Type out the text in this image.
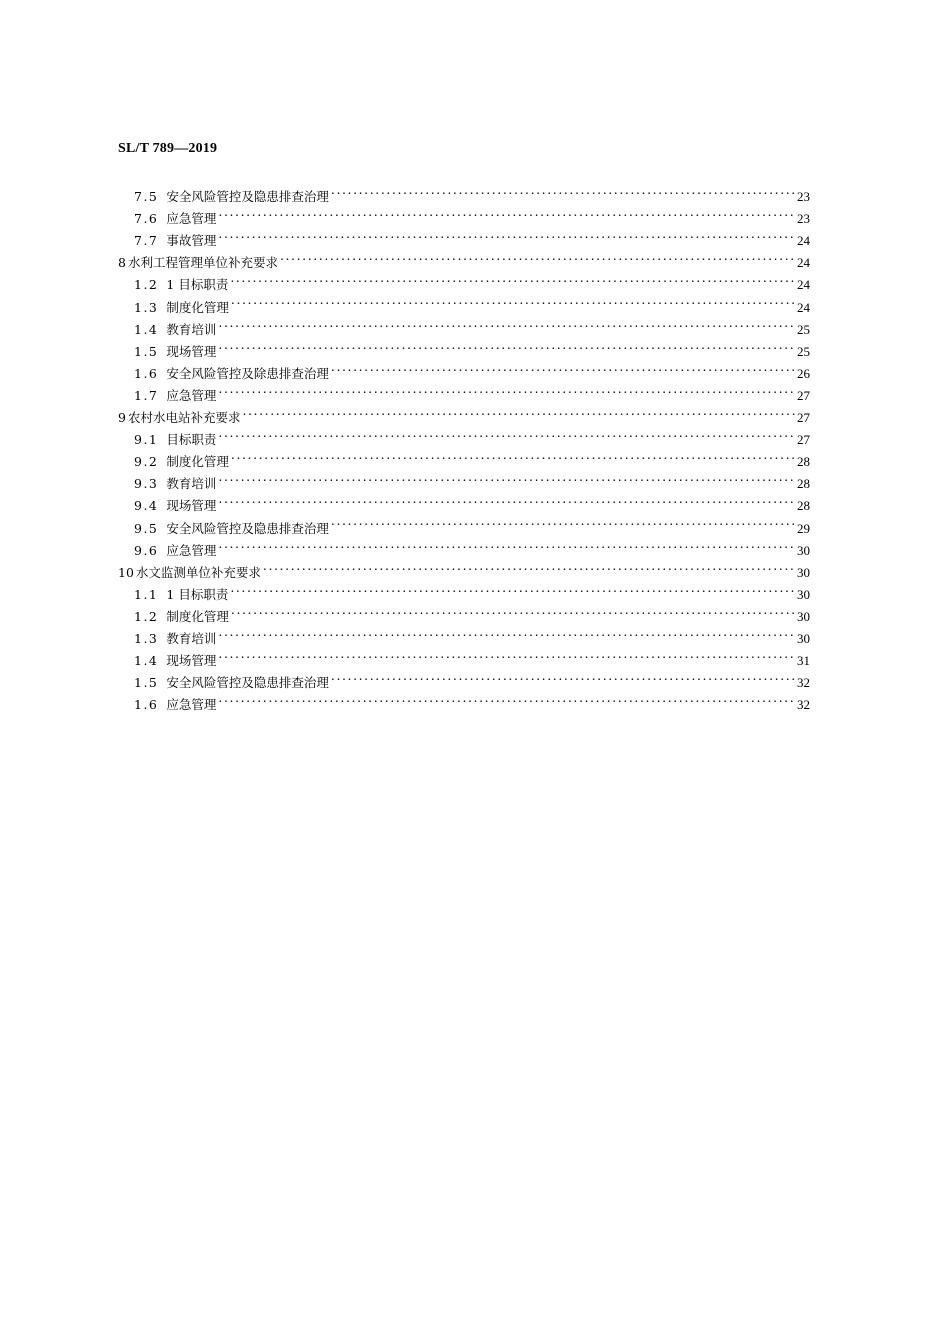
SL/T 789—2019
7.5 安全风险管控及隐患排查治理 . . .	23
7.6 应急管理 . . .	23
7.7 事故管理 . . .	24
8 水利工程管理单位补充要求 . . .	24
1.2 1 目标职责 . . .	24
1.3 制度化管理 . . .	24
1.4 教育培训 . . .	25
1.5 现场管理 . . .	25
1.6 安全风险管控及除患排查治理 . . .	26
1.7 应急管理 . . .	27
9 农村水电站补充要求 . . .	27
9.1 目标职责 . . .	27
9.2 制度化管理 . . .	28
9.3 教育培训 . . .	28
9.4 现场管理 . . .	28
9.5 安全风险管控及隐患排查治理 . . .	29
9.6 应急管理 . . .	30
10 水文监测单位补充要求 . . .	30
1.1 1 目标职责 . . .	30
1.2 制度化管理 . . .	30
1.3 教育培训 . . .	30
1.4 现场管理 . . .	31
1.5 安全风险管控及隐患排查治理 . . .	32
1.6 应急管理 . . .	32
